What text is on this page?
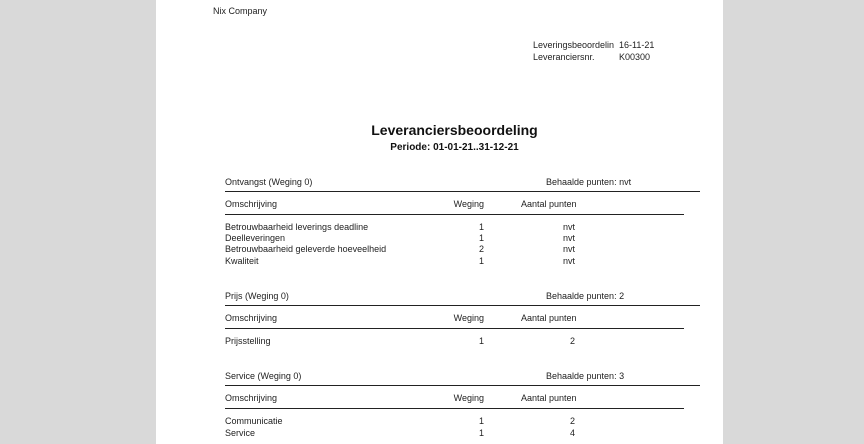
Nix Company
Leveringsbeoordelin 16-11-21
Leveranciersnr.	K00300
Leveranciersbeoordeling
Periode: 01-01-21..31-12-21
Ontvangst (Weging 0)	Behaalde punten: nvt
Omschrijving	Weging	Aantal punten
Betrouwbaarheid leverings deadline	1	nvt
Deelleveringen	1	nvt
Betrouwbaarheid geleverde hoeveelheid	2	nvt
Kwaliteit	1	nvt
Prijs (Weging 0)	Behaalde punten: 2
Omschrijving	Weging	Aantal punten
Prijsstelling	1	2
Service (Weging 0)	Behaalde punten: 3
Omschrijving	Weging	Aantal punten
Communicatie	1	2
Service	1	4
